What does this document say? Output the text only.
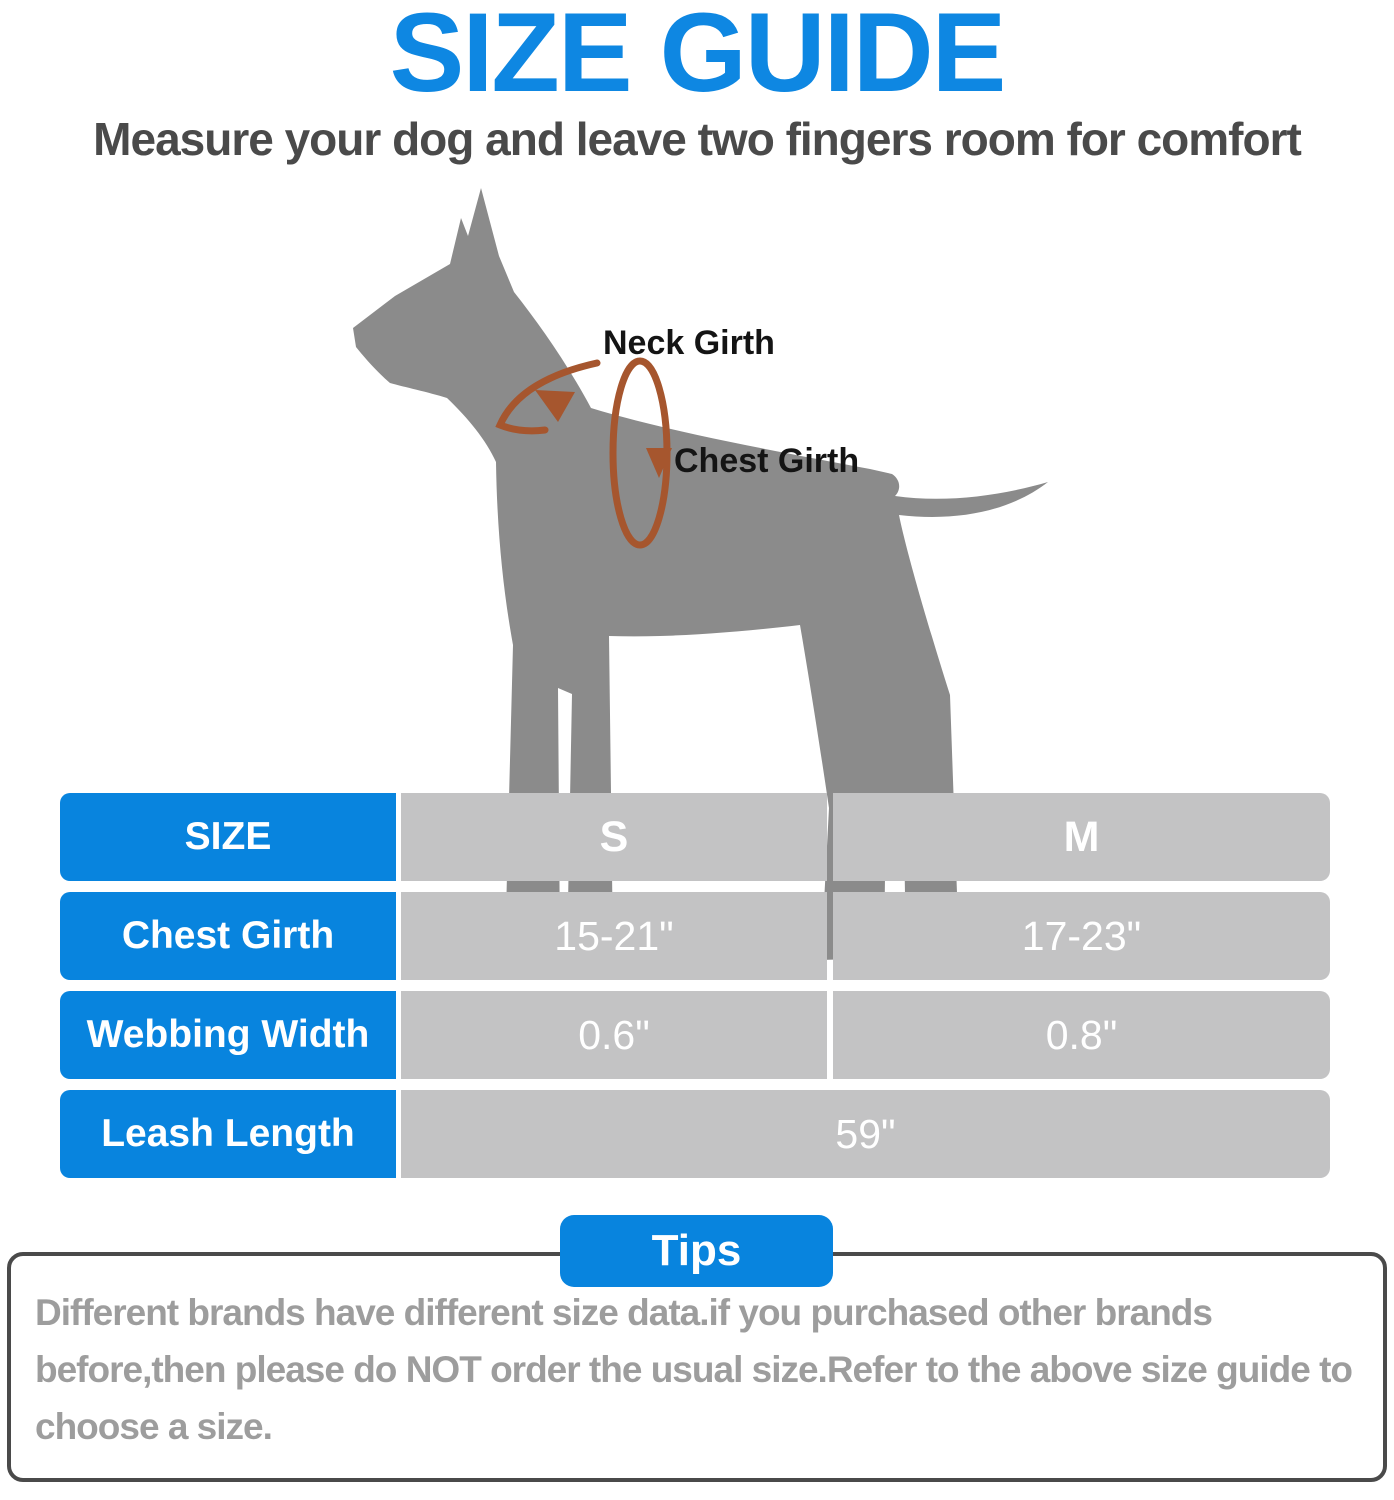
SIZE GUIDE
Measure your dog and leave two fingers room for comfort
Neck Girth
Chest Girth
SIZE	S	M
Chest Girth	15-21"	17-23"
Webbing Width	0.6"	0.8"
Leash Length	59"
Different brands have different size data.if you purchased other brands before,then please do NOT order the usual size.Refer to the above size guide to choose a size.
Tips
